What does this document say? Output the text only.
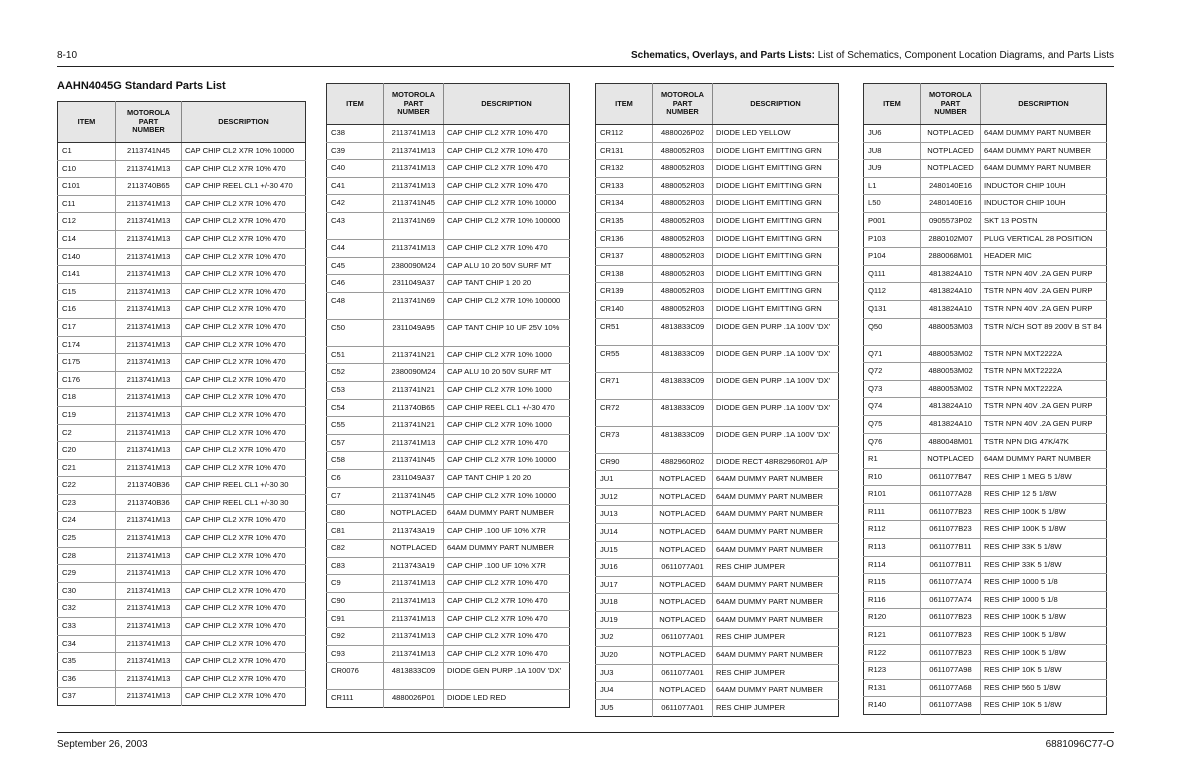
8-10	Schematics, Overlays, and Parts Lists: List of Schematics, Component Location Diagrams, and Parts Lists
AAHN4045G Standard Parts List
ITEM	MOTOROLA PART NUMBER	DESCRIPTION
C1	2113741N45	CAP CHIP CL2 X7R 10% 10000
C10	2113741M13	CAP CHIP CL2 X7R 10% 470
C101	2113740B65	CAP CHIP REEL CL1 +/-30 470
C11	2113741M13	CAP CHIP CL2 X7R 10% 470
C12	2113741M13	CAP CHIP CL2 X7R 10% 470
C14	2113741M13	CAP CHIP CL2 X7R 10% 470
C140	2113741M13	CAP CHIP CL2 X7R 10% 470
C141	2113741M13	CAP CHIP CL2 X7R 10% 470
C15	2113741M13	CAP CHIP CL2 X7R 10% 470
C16	2113741M13	CAP CHIP CL2 X7R 10% 470
C17	2113741M13	CAP CHIP CL2 X7R 10% 470
C174	2113741M13	CAP CHIP CL2 X7R 10% 470
C175	2113741M13	CAP CHIP CL2 X7R 10% 470
C176	2113741M13	CAP CHIP CL2 X7R 10% 470
C18	2113741M13	CAP CHIP CL2 X7R 10% 470
C19	2113741M13	CAP CHIP CL2 X7R 10% 470
C2	2113741M13	CAP CHIP CL2 X7R 10% 470
C20	2113741M13	CAP CHIP CL2 X7R 10% 470
C21	2113741M13	CAP CHIP CL2 X7R 10% 470
C22	2113740B36	CAP CHIP REEL CL1 +/-30 30
C23	2113740B36	CAP CHIP REEL CL1 +/-30 30
C24	2113741M13	CAP CHIP CL2 X7R 10% 470
C25	2113741M13	CAP CHIP CL2 X7R 10% 470
C28	2113741M13	CAP CHIP CL2 X7R 10% 470
C29	2113741M13	CAP CHIP CL2 X7R 10% 470
C30	2113741M13	CAP CHIP CL2 X7R 10% 470
C32	2113741M13	CAP CHIP CL2 X7R 10% 470
C33	2113741M13	CAP CHIP CL2 X7R 10% 470
C34	2113741M13	CAP CHIP CL2 X7R 10% 470
C35	2113741M13	CAP CHIP CL2 X7R 10% 470
C36	2113741M13	CAP CHIP CL2 X7R 10% 470
C37	2113741M13	CAP CHIP CL2 X7R 10% 470
ITEM	MOTOROLA PART NUMBER	DESCRIPTION
C38	2113741M13	CAP CHIP CL2 X7R 10% 470
C39	2113741M13	CAP CHIP CL2 X7R 10% 470
C40	2113741M13	CAP CHIP CL2 X7R 10% 470
C41	2113741M13	CAP CHIP CL2 X7R 10% 470
C42	2113741N45	CAP CHIP CL2 X7R 10% 10000
C43	2113741N69	CAP CHIP CL2 X7R 10% 100000
C44	2113741M13	CAP CHIP CL2 X7R 10% 470
C45	2380090M24	CAP ALU 10 20 50V SURF MT
C46	2311049A37	CAP TANT CHIP 1 20 20
C48	2113741N69	CAP CHIP CL2 X7R 10% 100000
C50	2311049A95	CAP TANT CHIP 10 UF 25V 10%
C51	2113741N21	CAP CHIP CL2 X7R 10% 1000
C52	2380090M24	CAP ALU 10 20 50V SURF MT
C53	2113741N21	CAP CHIP CL2 X7R 10% 1000
C54	2113740B65	CAP CHIP REEL CL1 +/-30 470
C55	2113741N21	CAP CHIP CL2 X7R 10% 1000
C57	2113741M13	CAP CHIP CL2 X7R 10% 470
C58	2113741N45	CAP CHIP CL2 X7R 10% 10000
C6	2311049A37	CAP TANT CHIP 1 20 20
C7	2113741N45	CAP CHIP CL2 X7R 10% 10000
C80	NOTPLACED	64AM DUMMY PART NUMBER
C81	2113743A19	CAP CHIP .100 UF 10% X7R
C82	NOTPLACED	64AM DUMMY PART NUMBER
C83	2113743A19	CAP CHIP .100 UF 10% X7R
C9	2113741M13	CAP CHIP CL2 X7R 10% 470
C90	2113741M13	CAP CHIP CL2 X7R 10% 470
C91	2113741M13	CAP CHIP CL2 X7R 10% 470
C92	2113741M13	CAP CHIP CL2 X7R 10% 470
C93	2113741M13	CAP CHIP CL2 X7R 10% 470
CR0076	4813833C09	DIODE GEN PURP .1A 100V 'DX'
CR111	4880026P01	DIODE LED RED
ITEM	MOTOROLA PART NUMBER	DESCRIPTION
CR112	4880026P02	DIODE LED YELLOW
CR131	4880052R03	DIODE LIGHT EMITTING GRN
CR132	4880052R03	DIODE LIGHT EMITTING GRN
CR133	4880052R03	DIODE LIGHT EMITTING GRN
CR134	4880052R03	DIODE LIGHT EMITTING GRN
CR135	4880052R03	DIODE LIGHT EMITTING GRN
CR136	4880052R03	DIODE LIGHT EMITTING GRN
CR137	4880052R03	DIODE LIGHT EMITTING GRN
CR138	4880052R03	DIODE LIGHT EMITTING GRN
CR139	4880052R03	DIODE LIGHT EMITTING GRN
CR140	4880052R03	DIODE LIGHT EMITTING GRN
CR51	4813833C09	DIODE GEN PURP .1A 100V 'DX'
CR55	4813833C09	DIODE GEN PURP .1A 100V 'DX'
CR71	4813833C09	DIODE GEN PURP .1A 100V 'DX'
CR72	4813833C09	DIODE GEN PURP .1A 100V 'DX'
CR73	4813833C09	DIODE GEN PURP .1A 100V 'DX'
CR90	4882960R02	DIODE RECT 48R82960R01 A/P
JU1	NOTPLACED	64AM DUMMY PART NUMBER
JU12	NOTPLACED	64AM DUMMY PART NUMBER
JU13	NOTPLACED	64AM DUMMY PART NUMBER
JU14	NOTPLACED	64AM DUMMY PART NUMBER
JU15	NOTPLACED	64AM DUMMY PART NUMBER
JU16	0611077A01	RES CHIP JUMPER
JU17	NOTPLACED	64AM DUMMY PART NUMBER
JU18	NOTPLACED	64AM DUMMY PART NUMBER
JU19	NOTPLACED	64AM DUMMY PART NUMBER
JU2	0611077A01	RES CHIP JUMPER
JU20	NOTPLACED	64AM DUMMY PART NUMBER
JU3	0611077A01	RES CHIP JUMPER
JU4	NOTPLACED	64AM DUMMY PART NUMBER
JU5	0611077A01	RES CHIP JUMPER
ITEM	MOTOROLA PART NUMBER	DESCRIPTION
JU6	NOTPLACED	64AM DUMMY PART NUMBER
JU8	NOTPLACED	64AM DUMMY PART NUMBER
JU9	NOTPLACED	64AM DUMMY PART NUMBER
L1	2480140E16	INDUCTOR CHIP 10UH
L50	2480140E16	INDUCTOR CHIP 10UH
P001	0905573P02	SKT 13 POSTN
P103	2880102M07	PLUG VERTICAL 28 POSITION
P104	2880068M01	HEADER MIC
Q111	4813824A10	TSTR NPN 40V .2A GEN PURP
Q112	4813824A10	TSTR NPN 40V .2A GEN PURP
Q131	4813824A10	TSTR NPN 40V .2A GEN PURP
Q50	4880053M03	TSTR N/CH SOT 89 200V B ST 84
Q71	4880053M02	TSTR NPN MXT2222A
Q72	4880053M02	TSTR NPN MXT2222A
Q73	4880053M02	TSTR NPN MXT2222A
Q74	4813824A10	TSTR NPN 40V .2A GEN PURP
Q75	4813824A10	TSTR NPN 40V .2A GEN PURP
Q76	4880048M01	TSTR NPN DIG 47K/47K
R1	NOTPLACED	64AM DUMMY PART NUMBER
R10	0611077B47	RES CHIP 1 MEG 5 1/8W
R101	0611077A28	RES CHIP 12 5 1/8W
R111	0611077B23	RES CHIP 100K 5 1/8W
R112	0611077B23	RES CHIP 100K 5 1/8W
R113	0611077B11	RES CHIP 33K 5 1/8W
R114	0611077B11	RES CHIP 33K 5 1/8W
R115	0611077A74	RES CHIP 1000 5 1/8
R116	0611077A74	RES CHIP 1000 5 1/8
R120	0611077B23	RES CHIP 100K 5 1/8W
R121	0611077B23	RES CHIP 100K 5 1/8W
R122	0611077B23	RES CHIP 100K 5 1/8W
R123	0611077A98	RES CHIP 10K 5 1/8W
R131	0611077A68	RES CHIP 560 5 1/8W
R140	0611077A98	RES CHIP 10K 5 1/8W
September 26, 2003	6881096C77-O
